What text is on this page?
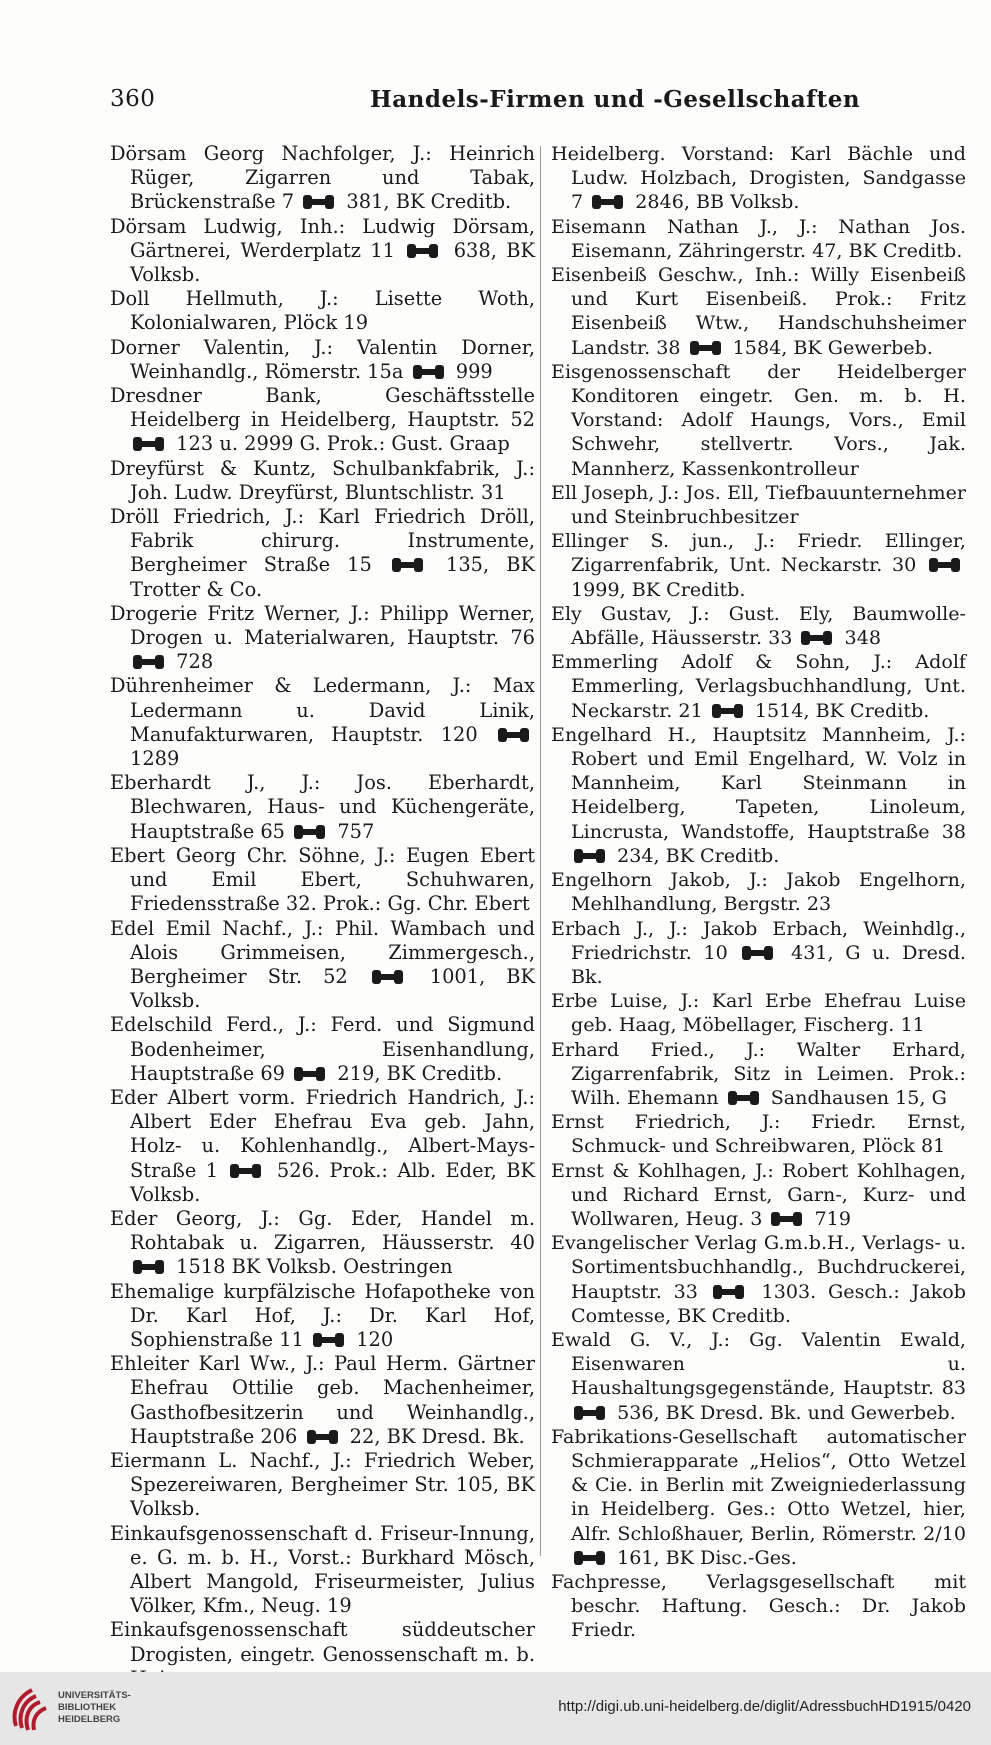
360	Handels-Firmen und -Gesellschaften

Dörsam Georg Nachfolger, J.: Heinrich Rüger, Zigarren und Tabak, Brückenstraße 7  381, BK Creditb.

Dörsam Ludwig, Inh.: Ludwig Dörsam, Gärtnerei, Werderplatz 11  638, BK Volksb.

Doll Hellmuth, J.: Lisette Woth, Kolonialwaren, Plöck 19

Dorner Valentin, J.: Valentin Dorner, Weinhandlg., Römerstr. 15a  999

Dresdner Bank, Geschäftsstelle Heidelberg in Heidelberg, Hauptstr. 52  123 u. 2999 G. Prok.: Gust. Graap

Dreyfürst & Kuntz, Schulbankfabrik, J.: Joh. Ludw. Dreyfürst, Bluntschlistr. 31

Dröll Friedrich, J.: Karl Friedrich Dröll, Fabrik chirurg. Instrumente, Bergheimer Straße 15  135, BK Trotter & Co.

Drogerie Fritz Werner, J.: Philipp Werner, Drogen u. Materialwaren, Hauptstr. 76  728

Dührenheimer & Ledermann, J.: Max Ledermann u. David Linik, Manufakturwaren, Hauptstr. 120  1289

Eberhardt J., J.: Jos. Eberhardt, Blechwaren, Haus- und Küchengeräte, Hauptstraße 65  757

Ebert Georg Chr. Söhne, J.: Eugen Ebert und Emil Ebert, Schuhwaren, Friedensstraße 32. Prok.: Gg. Chr. Ebert

Edel Emil Nachf., J.: Phil. Wambach und Alois Grimmeisen, Zimmergesch., Bergheimer Str. 52  1001, BK Volksb.

Edelschild Ferd., J.: Ferd. und Sigmund Bodenheimer, Eisenhandlung, Hauptstraße 69  219, BK Creditb.

Eder Albert vorm. Friedrich Handrich, J.: Albert Eder Ehefrau Eva geb. Jahn, Holz- u. Kohlenhandlg., Albert-Mays-Straße 1  526. Prok.: Alb. Eder, BK Volksb.

Eder Georg, J.: Gg. Eder, Handel m. Rohtabak u. Zigarren, Häusserstr. 40  1518 BK Volksb. Oestringen

Ehemalige kurpfälzische Hofapotheke von Dr. Karl Hof, J.: Dr. Karl Hof, Sophienstraße 11  120

Ehleiter Karl Ww., J.: Paul Herm. Gärtner Ehefrau Ottilie geb. Machenheimer, Gasthofbesitzerin und Weinhandlg., Hauptstraße 206  22, BK Dresd. Bk.

Eiermann L. Nachf., J.: Friedrich Weber, Spezereiwaren, Bergheimer Str. 105, BK Volksb.

Einkaufsgenossenschaft d. Friseur-Innung, e. G. m. b. H., Vorst.: Burkhard Mösch, Albert Mangold, Friseurmeister, Julius Völker, Kfm., Neug. 19

Einkaufsgenossenschaft süddeutscher Drogisten, eingetr. Genossenschaft m. b.

Heidelberg. Vorstand: Karl Bächle und Ludw. Holzbach, Drogisten, Sandgasse 7  2846, BB Volksb.

Eisemann Nathan J., J.: Nathan Jos. Eisemann, Zähringerstr. 47, BK Creditb.

Eisenbeiß Geschw., Inh.: Willy Eisenbeiß und Kurt Eisenbeiß. Prok.: Fritz Eisenbeiß Wtw., Handschuhsheimer Landstr. 38  1584, BK Gewerbeb.

Eisgenossenschaft der Heidelberger Konditoren eingetr. Gen. m. b. H. Vorstand: Adolf Haungs, Vors., Emil Schwehr, stellvertr. Vors., Jak. Mannherz, Kassenkontrolleur

Ell Joseph, J.: Jos. Ell, Tiefbauunternehmer und Steinbruchbesitzer

Ellinger S. jun., J.: Friedr. Ellinger, Zigarrenfabrik, Unt. Neckarstr. 30  1999, BK Creditb.

Ely Gustav, J.: Gust. Ely, Baumwolle-Abfälle, Häusserstr. 33  348

Emmerling Adolf & Sohn, J.: Adolf Emmerling, Verlagsbuchhandlung, Unt. Neckarstr. 21  1514, BK Creditb.

Engelhard H., Hauptsitz Mannheim, J.: Robert und Emil Engelhard, W. Volz in Mannheim, Karl Steinmann in Heidelberg, Tapeten, Linoleum, Lincrusta, Wandstoffe, Hauptstraße 38  234, BK Creditb.

Engelhorn Jakob, J.: Jakob Engelhorn, Mehlhandlung, Bergstr. 23

Erbach J., J.: Jakob Erbach, Weinhdlg., Friedrichstr. 10  431, G u. Dresd. Bk.

Erbe Luise, J.: Karl Erbe Ehefrau Luise geb. Haag, Möbellager, Fischerg. 11

Erhard Fried., J.: Walter Erhard, Zigarrenfabrik, Sitz in Leimen. Prok.: Wilh. Ehemann  Sandhausen 15, G

Ernst Friedrich, J.: Friedr. Ernst, Schmuck- und Schreibwaren, Plöck 81

Ernst & Kohlhagen, J.: Robert Kohlhagen, und Richard Ernst, Garn-, Kurz- und Wollwaren, Heug. 3  719

Evangelischer Verlag G.m.b.H., Verlags- u. Sortimentsbuchhandlg., Buchdruckerei, Hauptstr. 33  1303. Gesch.: Jakob Comtesse, BK Creditb.

Ewald G. V., J.: Gg. Valentin Ewald, Eisenwaren u. Haushaltungsgegenstände, Hauptstr. 83  536, BK Dresd. Bk. und Gewerbeb.

Fabrikations-Gesellschaft automatischer Schmierapparate „Helios“, Otto Wetzel & Cie. in Berlin mit Zweigniederlassung in Heidelberg. Ges.: Otto Wetzel, hier, Alfr. Schloßhauer, Berlin, Römerstr. 2/10  161, BK Disc.-Ges.

Fachpresse, Verlagsgesellschaft mit beschr. Haftung. Gesch.: Dr. Jakob Friedr.

UNIVERSITÄTS-
BIBLIOTHEK
HEIDELBERG
http://digi.ub.uni-heidelberg.de/diglit/AdressbuchHD1915/0420
